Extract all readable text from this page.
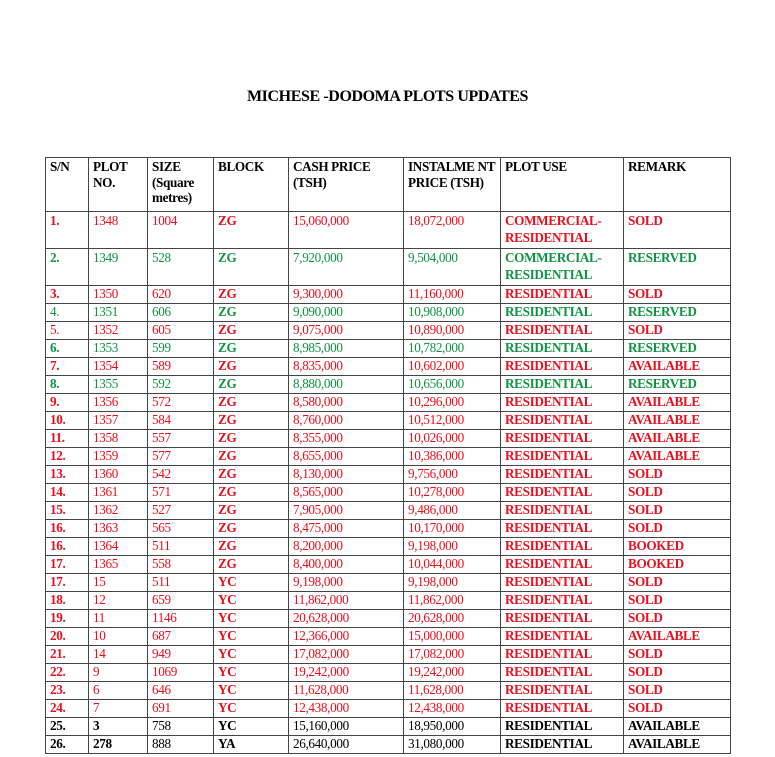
MICHESE -DODOMA PLOTS UPDATES
S/N	PLOT NO.	SIZE (Square metres)	BLOCK	CASH PRICE (TSH)	INSTALME NT PRICE (TSH)	PLOT USE	REMARK
1.	1348	1004	ZG	15,060,000	18,072,000	COMMERCIAL-RESIDENTIAL	SOLD
2.	1349	528	ZG	7,920,000	9,504,000	COMMERCIAL-RESIDENTIAL	RESERVED
3.	1350	620	ZG	9,300,000	11,160,000	RESIDENTIAL	SOLD
4.	1351	606	ZG	9,090,000	10,908,000	RESIDENTIAL	RESERVED
5.	1352	605	ZG	9,075,000	10,890,000	RESIDENTIAL	SOLD
6.	1353	599	ZG	8,985,000	10,782,000	RESIDENTIAL	RESERVED
7.	1354	589	ZG	8,835,000	10,602,000	RESIDENTIAL	AVAILABLE
8.	1355	592	ZG	8,880,000	10,656,000	RESIDENTIAL	RESERVED
9.	1356	572	ZG	8,580,000	10,296,000	RESIDENTIAL	AVAILABLE
10.	1357	584	ZG	8,760,000	10,512,000	RESIDENTIAL	AVAILABLE
11.	1358	557	ZG	8,355,000	10,026,000	RESIDENTIAL	AVAILABLE
12.	1359	577	ZG	8,655,000	10,386,000	RESIDENTIAL	AVAILABLE
13.	1360	542	ZG	8,130,000	9,756,000	RESIDENTIAL	SOLD
14.	1361	571	ZG	8,565,000	10,278,000	RESIDENTIAL	SOLD
15.	1362	527	ZG	7,905,000	9,486,000	RESIDENTIAL	SOLD
16.	1363	565	ZG	8,475,000	10,170,000	RESIDENTIAL	SOLD
16.	1364	511	ZG	8,200,000	9,198,000	RESIDENTIAL	BOOKED
17.	1365	558	ZG	8,400,000	10,044,000	RESIDENTIAL	BOOKED
17.	15	511	YC	9,198,000	9,198,000	RESIDENTIAL	SOLD
18.	12	659	YC	11,862,000	11,862,000	RESIDENTIAL	SOLD
19.	11	1146	YC	20,628,000	20,628,000	RESIDENTIAL	SOLD
20.	10	687	YC	12,366,000	15,000,000	RESIDENTIAL	AVAILABLE
21.	14	949	YC	17,082,000	17,082,000	RESIDENTIAL	SOLD
22.	9	1069	YC	19,242,000	19,242,000	RESIDENTIAL	SOLD
23.	6	646	YC	11,628,000	11,628,000	RESIDENTIAL	SOLD
24.	7	691	YC	12,438,000	12,438,000	RESIDENTIAL	SOLD
25.	3	758	YC	15,160,000	18,950,000	RESIDENTIAL	AVAILABLE
26.	278	888	YA	26,640,000	31,080,000	RESIDENTIAL	AVAILABLE
